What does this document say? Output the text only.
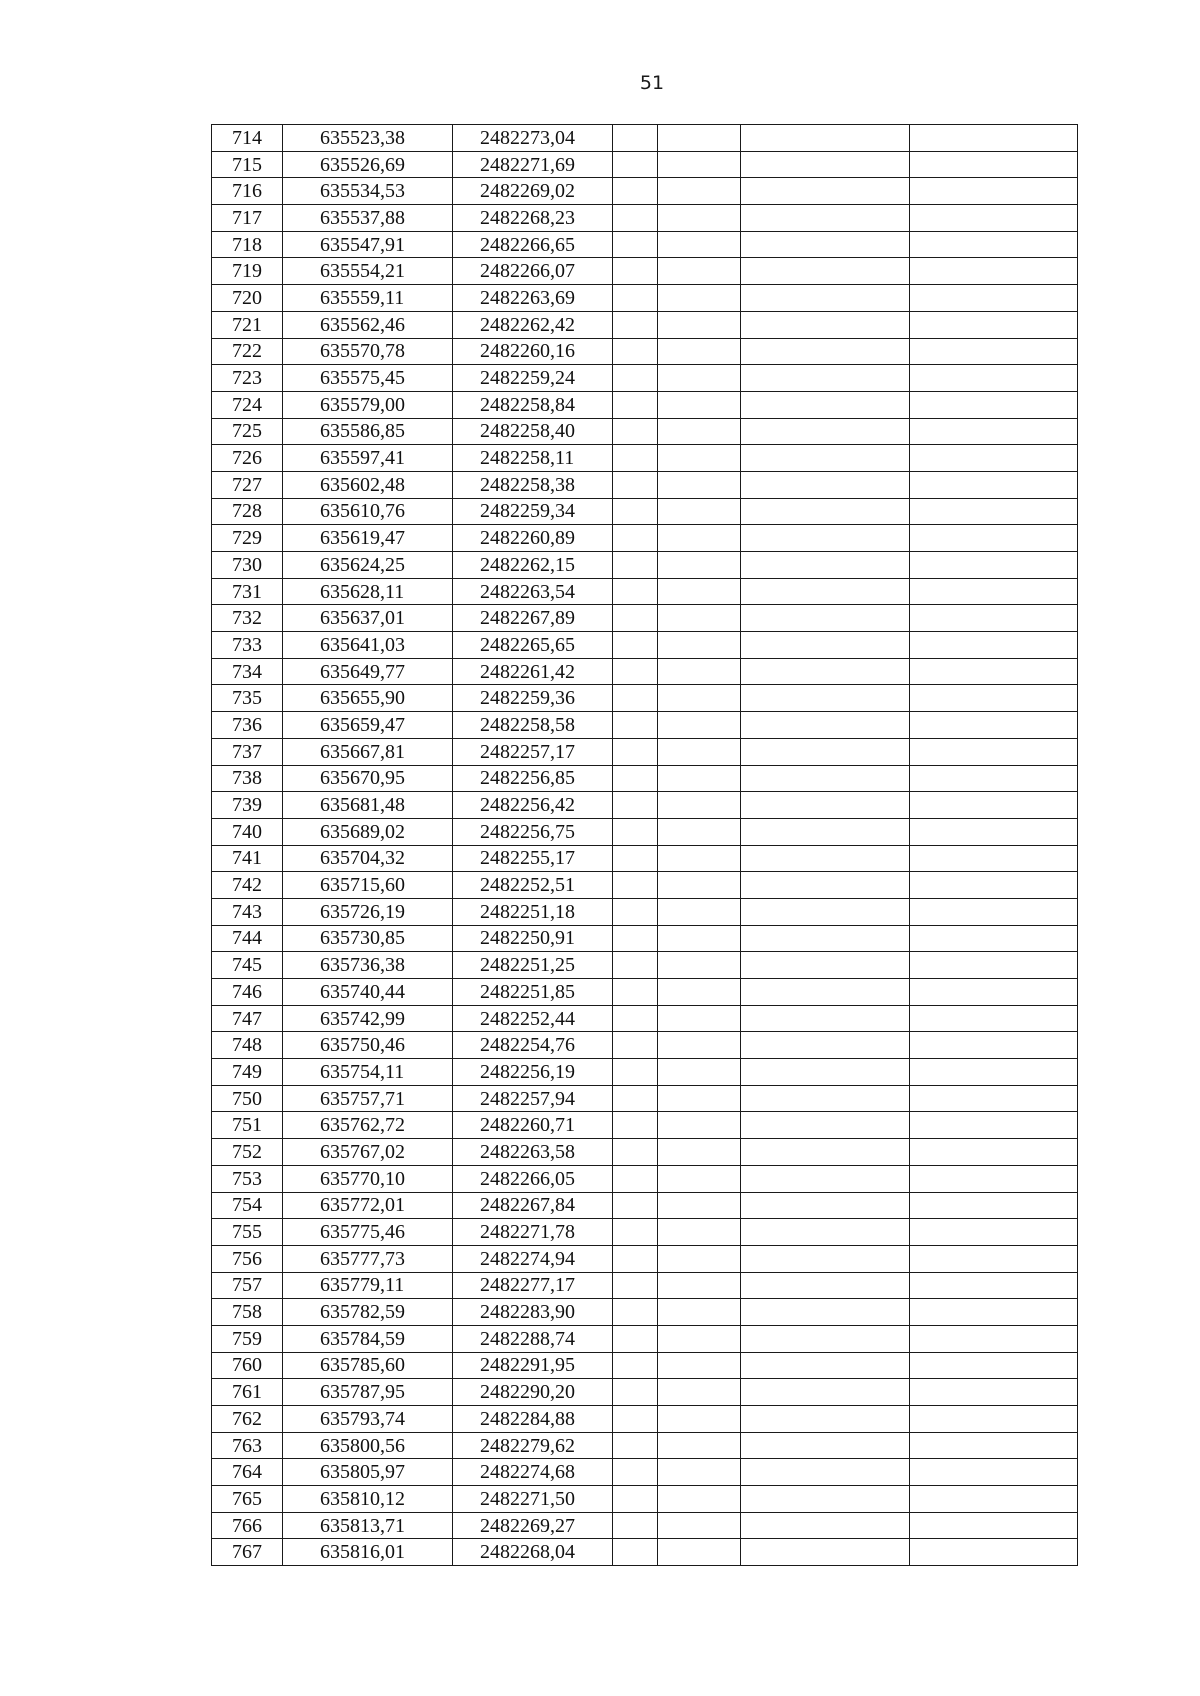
51
714	635523,38	2482273,04				
715	635526,69	2482271,69				
716	635534,53	2482269,02				
717	635537,88	2482268,23				
718	635547,91	2482266,65				
719	635554,21	2482266,07				
720	635559,11	2482263,69				
721	635562,46	2482262,42				
722	635570,78	2482260,16				
723	635575,45	2482259,24				
724	635579,00	2482258,84				
725	635586,85	2482258,40				
726	635597,41	2482258,11				
727	635602,48	2482258,38				
728	635610,76	2482259,34				
729	635619,47	2482260,89				
730	635624,25	2482262,15				
731	635628,11	2482263,54				
732	635637,01	2482267,89				
733	635641,03	2482265,65				
734	635649,77	2482261,42				
735	635655,90	2482259,36				
736	635659,47	2482258,58				
737	635667,81	2482257,17				
738	635670,95	2482256,85				
739	635681,48	2482256,42				
740	635689,02	2482256,75				
741	635704,32	2482255,17				
742	635715,60	2482252,51				
743	635726,19	2482251,18				
744	635730,85	2482250,91				
745	635736,38	2482251,25				
746	635740,44	2482251,85				
747	635742,99	2482252,44				
748	635750,46	2482254,76				
749	635754,11	2482256,19				
750	635757,71	2482257,94				
751	635762,72	2482260,71				
752	635767,02	2482263,58				
753	635770,10	2482266,05				
754	635772,01	2482267,84				
755	635775,46	2482271,78				
756	635777,73	2482274,94				
757	635779,11	2482277,17				
758	635782,59	2482283,90				
759	635784,59	2482288,74				
760	635785,60	2482291,95				
761	635787,95	2482290,20				
762	635793,74	2482284,88				
763	635800,56	2482279,62				
764	635805,97	2482274,68				
765	635810,12	2482271,50				
766	635813,71	2482269,27				
767	635816,01	2482268,04				
